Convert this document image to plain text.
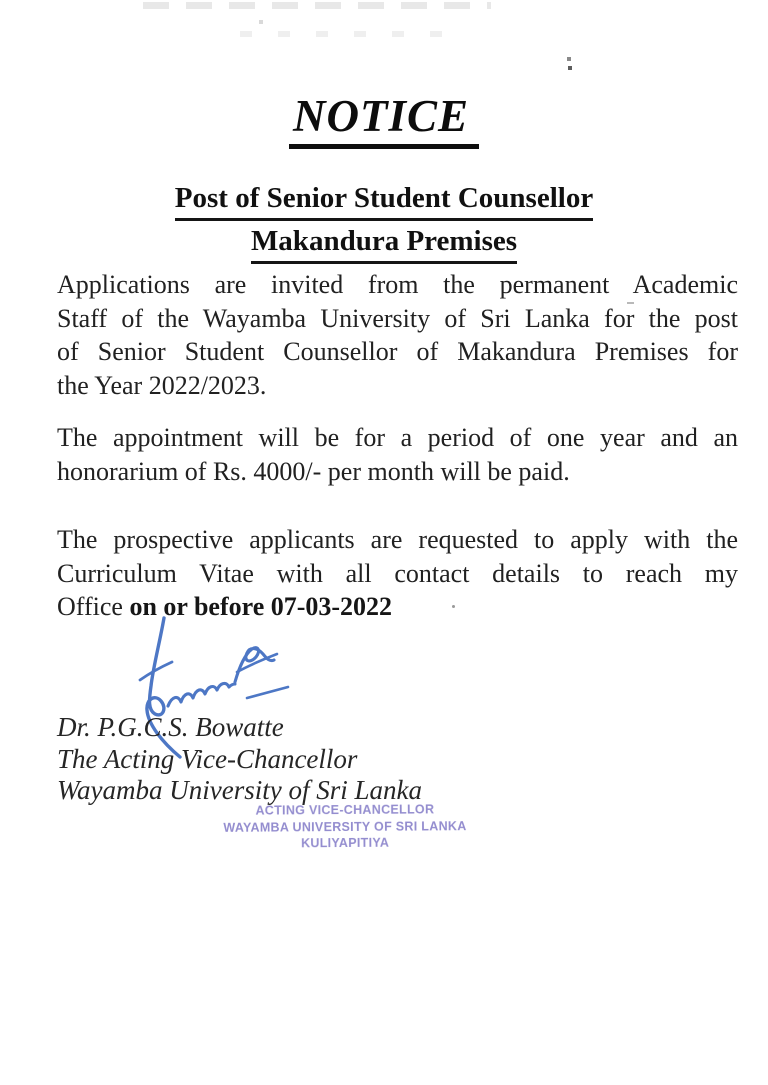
NOTICE
Post of Senior Student Counsellor
Makandura Premises
Applications are invited from the permanent Academic
Staff of the Wayamba University of Sri Lanka for the post
of Senior Student Counsellor of Makandura Premises for
the Year 2022/2023.
The appointment will be for a period of one year and an
honorarium of Rs. 4000/- per month will be paid.
The prospective applicants are requested to apply with the
Curriculum Vitae with all contact details to reach my
Office on or before 07-03-2022
Dr. P.G.C.S. Bowatte
The Acting Vice-Chancellor
Wayamba University of Sri Lanka
ACTING VICE-CHANCELLOR
WAYAMBA UNIVERSITY OF SRI LANKA
KULIYAPITIYA
